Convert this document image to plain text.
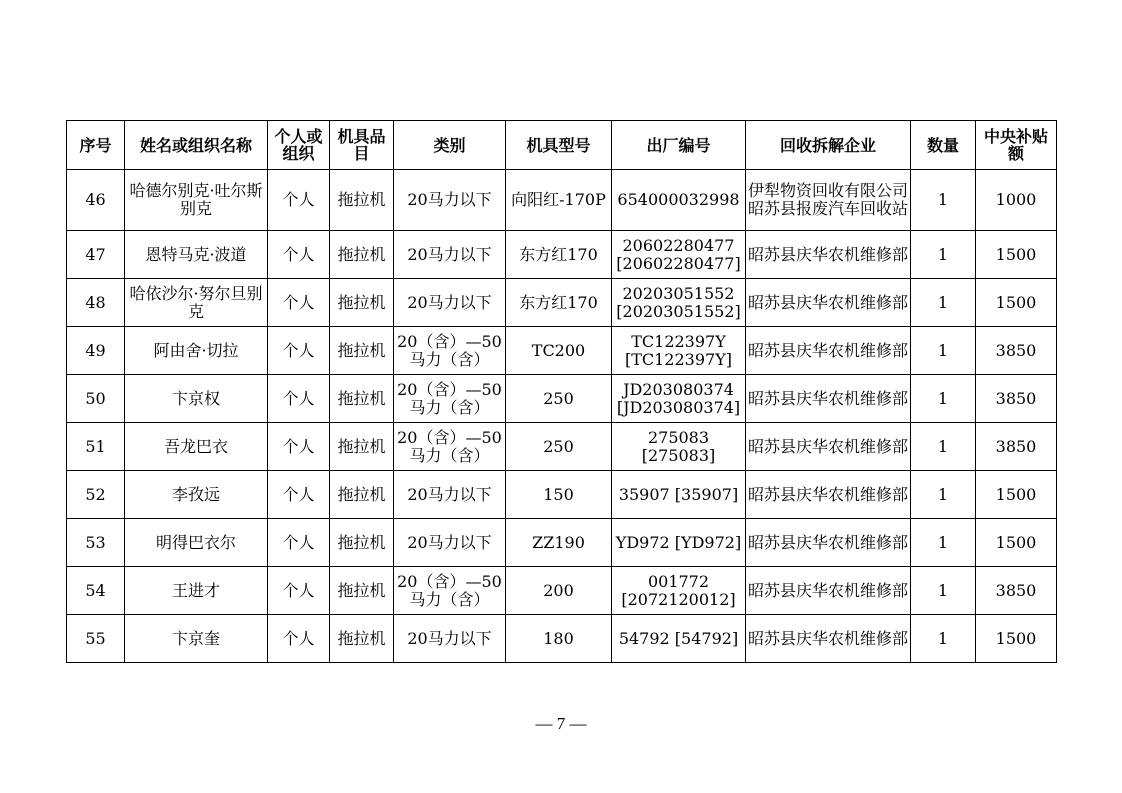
序号	姓名或组织名称	个人或组织	机具品目	类别	机具型号	出厂编号	回收拆解企业	数量	中央补贴额
46	哈德尔别克·吐尔斯别克	个人	拖拉机	20马力以下	向阳红-170P	654000032998	伊犁物资回收有限公司昭苏县报废汽车回收站	1	1000
47	恩特马克·波道	个人	拖拉机	20马力以下	东方红170	20602280477 [20602280477]	昭苏县庆华农机维修部	1	1500
48	哈依沙尔·努尔旦别克	个人	拖拉机	20马力以下	东方红170	20203051552 [20203051552]	昭苏县庆华农机维修部	1	1500
49	阿由舍·切拉	个人	拖拉机	20（含）—50马力（含）	TC200	TC122397Y [TC122397Y]	昭苏县庆华农机维修部	1	3850
50	卞京权	个人	拖拉机	20（含）—50马力（含）	250	JD203080374 [JD203080374]	昭苏县庆华农机维修部	1	3850
51	吾龙巴衣	个人	拖拉机	20（含）—50马力（含）	250	275083 [275083]	昭苏县庆华农机维修部	1	3850
52	李孜远	个人	拖拉机	20马力以下	150	35907 [35907]	昭苏县庆华农机维修部	1	1500
53	明得巴衣尔	个人	拖拉机	20马力以下	ZZ190	YD972 [YD972]	昭苏县庆华农机维修部	1	1500
54	王进才	个人	拖拉机	20（含）—50马力（含）	200	001772 [2072120012]	昭苏县庆华农机维修部	1	3850
55	卞京奎	个人	拖拉机	20马力以下	180	54792 [54792]	昭苏县庆华农机维修部	1	1500
— 7 —
